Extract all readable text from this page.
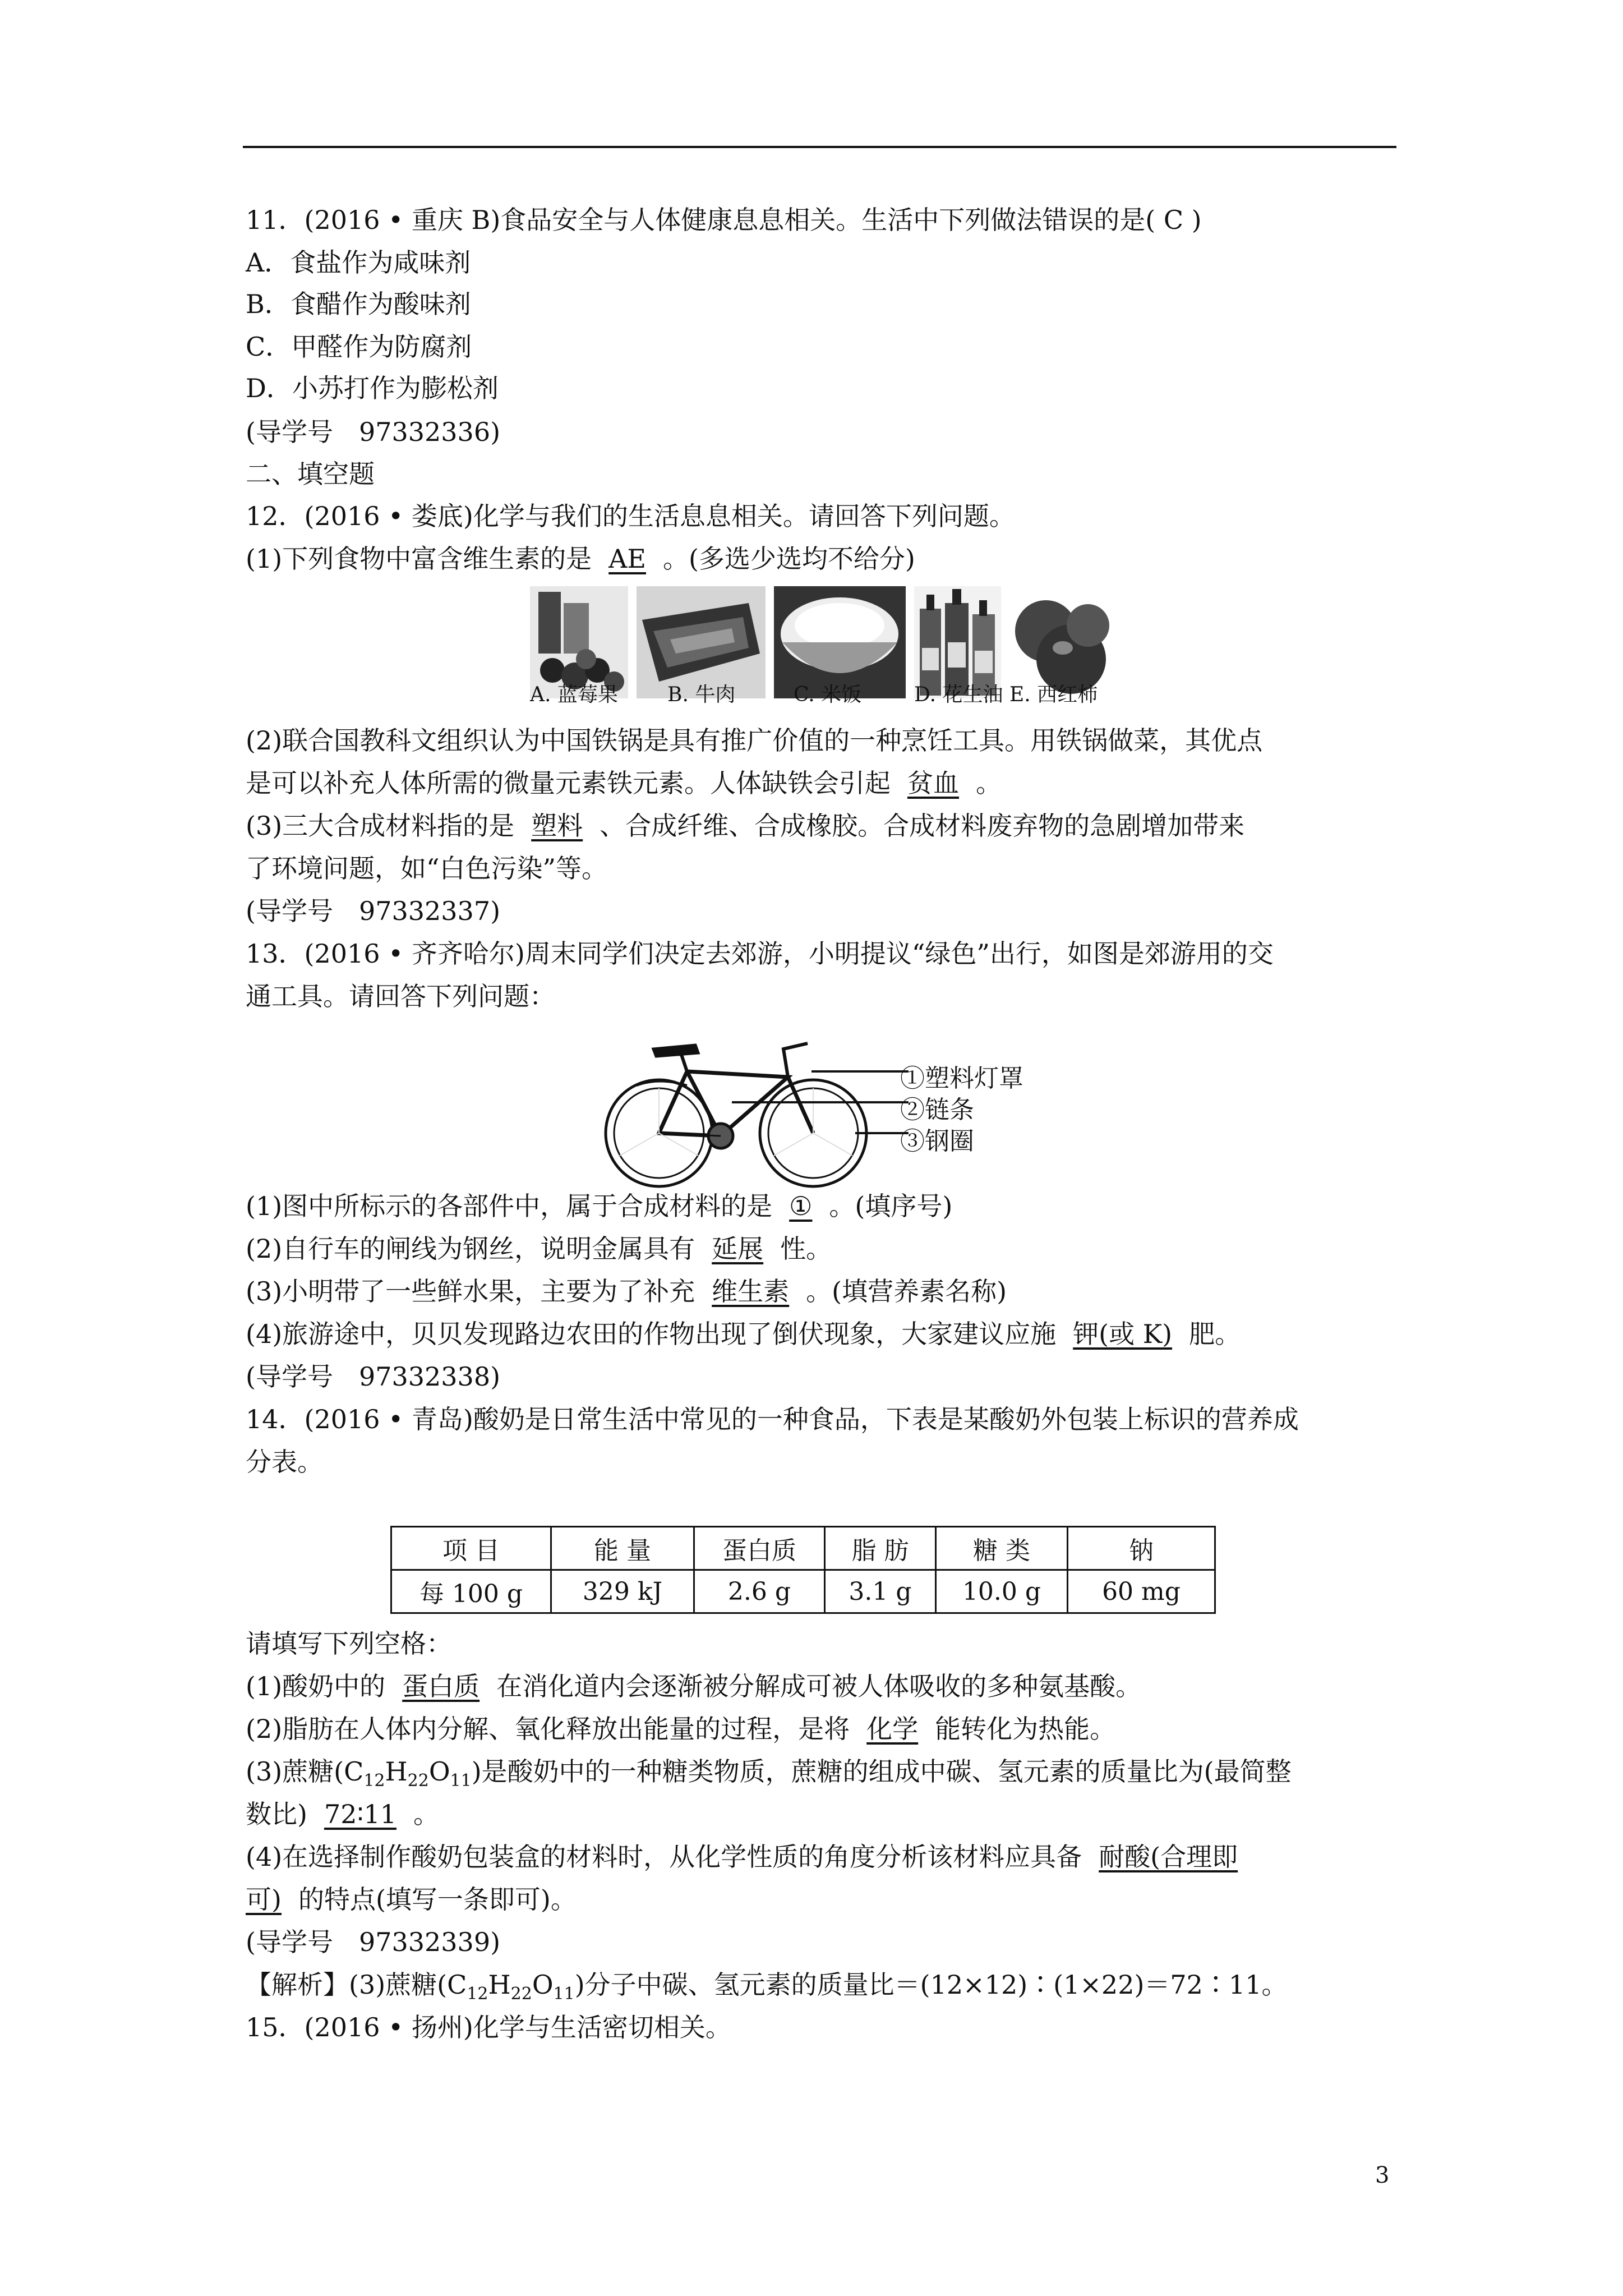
11．(2016 • 重庆 B)食品安全与人体健康息息相关。生活中下列做法错误的是( C )
A．食盐作为咸味剂
B．食醋作为酸味剂
C．甲醛作为防腐剂
D．小苏打作为膨松剂
(导学号　97332336)
二、填空题
12．(2016 • 娄底)化学与我们的生活息息相关。请回答下列问题。
(1)下列食物中富含维生素的是 AE 。(多选少选均不给分)
A. 蓝莓果 B. 牛肉	C. 米饭	D. 花生油 E. 西红柿
(2)联合国教科文组织认为中国铁锅是具有推广价值的一种烹饪工具。用铁锅做菜，其优点
是可以补充人体所需的微量元素铁元素。人体缺铁会引起 贫血 。
(3)三大合成材料指的是 塑料 、合成纤维、合成橡胶。合成材料废弃物的急剧增加带来
了环境问题，如“白色污染”等。
(导学号　97332337)
13．(2016 • 齐齐哈尔)周末同学们决定去郊游，小明提议“绿色”出行，如图是郊游用的交
通工具。请回答下列问题：
①塑料灯罩
②链条
③钢圈
(1)图中所标示的各部件中，属于合成材料的是 ① 。(填序号)
(2)自行车的闸线为钢丝，说明金属具有 延展 性。
(3)小明带了一些鲜水果，主要为了补充 维生素 。(填营养素名称)
(4)旅游途中，贝贝发现路边农田的作物出现了倒伏现象，大家建议应施 钾(或 K) 肥。
(导学号　97332338)
14．(2016 • 青岛)酸奶是日常生活中常见的一种食品，下表是某酸奶外包装上标识的营养成
分表。
项 目	能 量	蛋白质	脂 肪	糖 类	钠
每 100 g	329 kJ	2.6 g	3.1 g	10.0 g	60 mg
请填写下列空格：
(1)酸奶中的 蛋白质 在消化道内会逐渐被分解成可被人体吸收的多种氨基酸。
(2)脂肪在人体内分解、氧化释放出能量的过程，是将 化学 能转化为热能。
(3)蔗糖$(C_{12}H_{22}O_{11})$是酸奶中的一种糖类物质，蔗糖的组成中碳、氢元素的质量比为(最简整
数比) 72∶11 。
(4)在选择制作酸奶包装盒的材料时，从化学性质的角度分析该材料应具备 耐酸(合理即
可) 的特点(填写一条即可)。
(导学号　97332339)
【解析】(3)蔗糖$(C_{12}H_{22}O_{11})$分子中碳、氢元素的质量比＝(12×12)∶(1×22)＝72∶11。
15．(2016 • 扬州)化学与生活密切相关。
3
